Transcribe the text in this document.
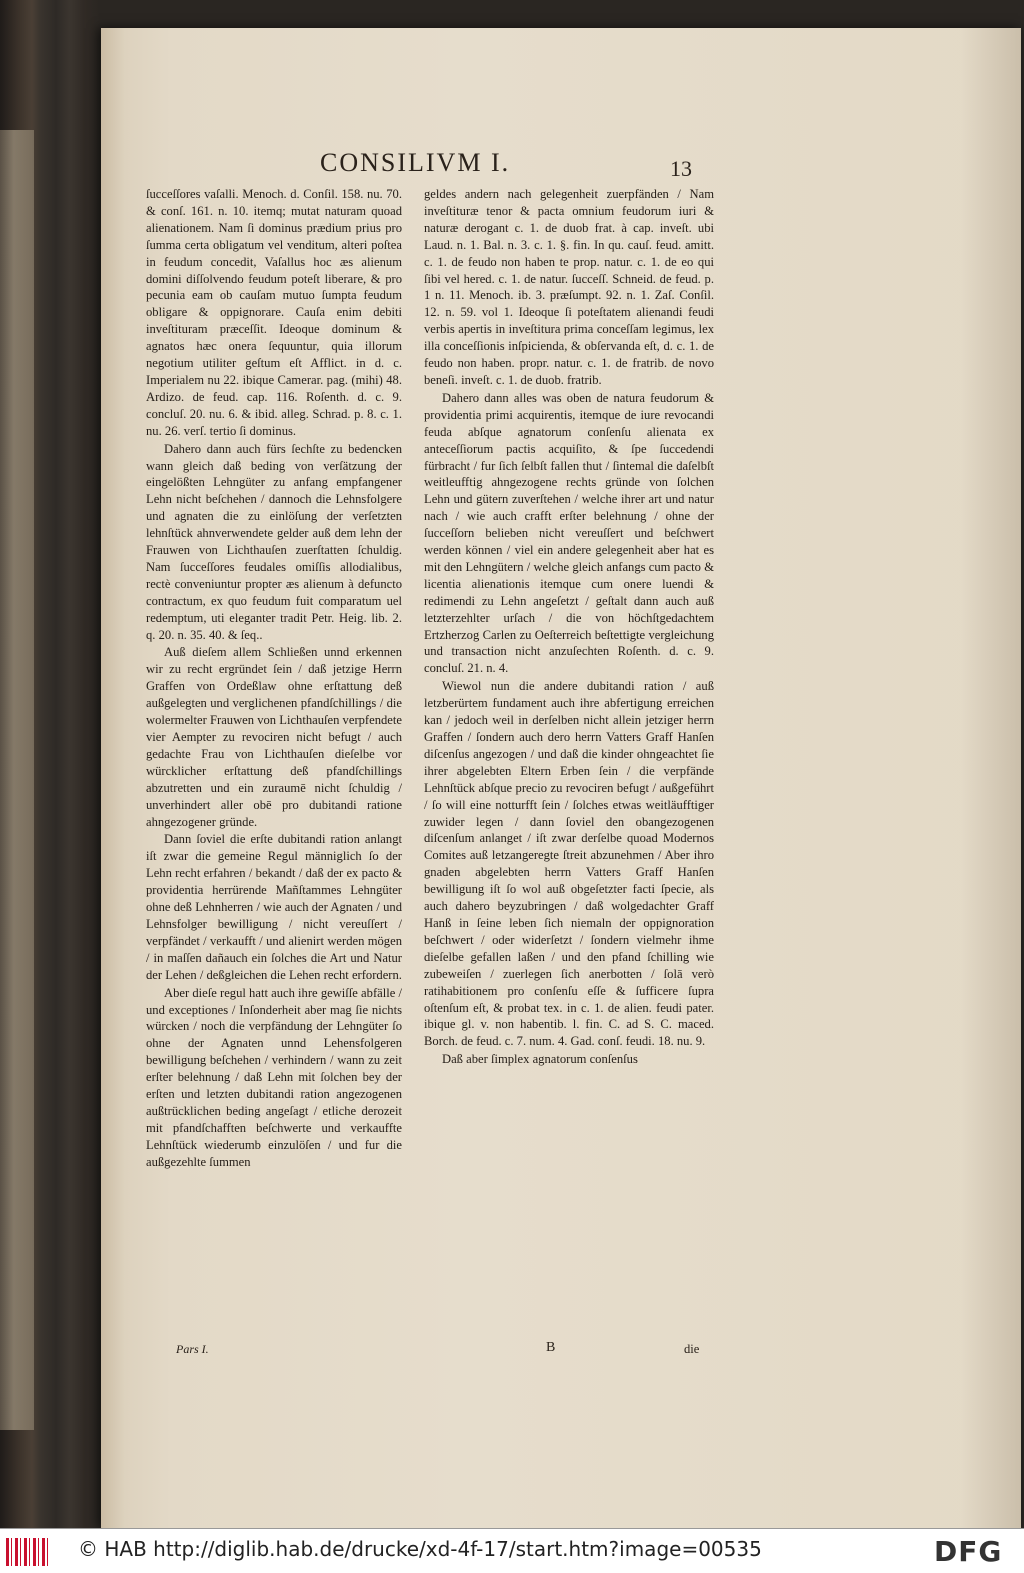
CONSILIVM I.	13

ſucceſſores vaſalli. Menoch. d. Conſil. 158. nu. 70. & conſ. 161. n. 10. itemq; mutat naturam quoad alienationem. Nam ſi dominus prædium prius pro ſumma certa obligatum vel venditum, alteri poſtea in feudum concedit, Vaſallus hoc æs alienum domini diſſolvendo feudum poteſt liberare, & pro pecunia eam ob cauſam mutuo ſumpta feudum obligare & oppignorare. Cauſa enim debiti inveſtituram præceſſit. Ideoque dominum & agnatos hæc onera ſequuntur, quia illorum negotium utiliter geſtum eſt Afflict. in d. c. Imperialem nu 22. ibique Camerar. pag. (mihi) 48. Ardizo. de feud. cap. 116. Roſenth. d. c. 9. concluſ. 20. nu. 6. & ibid. alleg. Schrad. p. 8. c. 1. nu. 26. verſ. tertio ſi dominus.

Dahero dann auch fürs ſechſte zu bedencken wann gleich daß beding von verſätzung der eingelößten Lehngüter zu anfang empfangener Lehn nicht beſchehen / dannoch die Lehnsfolgere und agnaten die zu einlöſung der verſetzten lehnſtück ahnverwendete gelder auß dem lehn der Frauwen von Lichthauſen zuerſtatten ſchuldig. Nam ſucceſſores feudales omiſſis allodialibus, rectè conveniuntur propter æs alienum à defuncto contractum, ex quo feudum fuit comparatum uel redemptum, uti eleganter tradit Petr. Heig. lib. 2. q. 20. n. 35. 40. & ſeq..

Auß dieſem allem Schließen unnd erkennen wir zu recht ergründet ſein / daß jetzige Herrn Graffen von Ordeßlaw ohne erſtattung deß außgelegten und verglichenen pfandſchillings / die wolermelter Frauwen von Lichthauſen verpfendete vier Aempter zu revociren nicht befugt / auch gedachte Frau von Lichthauſen dieſelbe vor würcklicher erſtattung deß pfandſchillings abzutretten und ein zuraumē nicht ſchuldig / unverhindert aller obē pro dubitandi ratione ahngezogener gründe.

Dann ſoviel die erſte dubitandi ration anlangt iſt zwar die gemeine Regul männiglich ſo der Lehn recht erfahren / bekandt / daß der ex pacto & providentia herrürende Mañſtammes Lehngüter ohne deß Lehnherren / wie auch der Agnaten / und Lehnsfolger bewilligung / nicht vereuſſert / verpfändet / verkaufft / und alienirt werden mögen / in maſſen dañauch ein ſolches die Art und Natur der Lehen / deßgleichen die Lehen recht erfordern.

Aber dieſe regul hatt auch ihre gewiſſe abfälle / und exceptiones / Inſonderheit aber mag ſie nichts würcken / noch die verpfändung der Lehngüter ſo ohne der Agnaten unnd Lehensfolgeren bewilligung beſchehen / verhindern / wann zu zeit erſter belehnung / daß Lehn mit ſolchen bey der erſten und letzten dubitandi ration angezogenen außtrücklichen beding angeſagt / etliche derozeit mit pfandſchafften beſchwerte und verkauffte Lehnſtück wiederumb einzulöſen / und fur die außgezehlte ſummen

geldes andern nach gelegenheit zuerpfänden / Nam inveſtituræ tenor & pacta omnium feudorum iuri & naturæ derogant c. 1. de duob frat. à cap. inveſt. ubi Laud. n. 1. Bal. n. 3. c. 1. §. fin. In qu. cauſ. feud. amitt. c. 1. de feudo non haben te prop. natur. c. 1. de eo qui ſibi vel hered. c. 1. de natur. ſucceſſ. Schneid. de feud. p. 1 n. 11. Menoch. ib. 3. præſumpt. 92. n. 1. Zaſ. Conſil. 12. n. 59. vol 1. Ideoque ſi poteſtatem alienandi feudi verbis apertis in inveſtitura prima conceſſam legimus, lex illa conceſſionis inſpicienda, & obſervanda eſt, d. c. 1. de feudo non haben. propr. natur. c. 1. de fratrib. de novo beneſi. inveſt. c. 1. de duob. fratrib.

Dahero dann alles was oben de natura feudorum & providentia primi acquirentis, itemque de iure revocandi feuda abſque agnatorum conſenſu alienata ex anteceſſiorum pactis acquiſito, & ſpe ſuccedendi fürbracht / fur ſich ſelbſt fallen thut / ſintemal die daſelbſt weitleufftig ahngezogene rechts gründe von ſolchen Lehn und gütern zuverſtehen / welche ihrer art und natur nach / wie auch crafft erſter belehnung / ohne der ſucceſſorn belieben nicht vereuſſert und beſchwert werden können / viel ein andere gelegenheit aber hat es mit den Lehngütern / welche gleich anfangs cum pacto & licentia alienationis itemque cum onere luendi & redimendi zu Lehn angeſetzt / geſtalt dann auch auß letzterzehlter urſach / die von höchſtgedachtem Ertzherzog Carlen zu Oeſterreich beſtettigte vergleichung und transaction nicht anzuſechten Roſenth. d. c. 9. concluſ. 21. n. 4.

Wiewol nun die andere dubitandi ration / auß letzberürtem fundament auch ihre abfertigung erreichen kan / jedoch weil in derſelben nicht allein jetziger herrn Graffen / ſondern auch dero herrn Vatters Graff Hanſen diſcenſus angezogen / und daß die kinder ohngeachtet ſie ihrer abgelebten Eltern Erben ſein / die verpfände Lehnſtück abſque precio zu revociren befugt / außgeführt / ſo will eine notturfft ſein / ſolches etwas weitläufftiger zuwider legen / dann ſoviel den obangezogenen diſcenſum anlanget / iſt zwar derſelbe quoad Modernos Comites auß letzangeregte ſtreit abzunehmen / Aber ihro gnaden abgelebten herrn Vatters Graff Hanſen bewilligung iſt ſo wol auß obgeſetzter facti ſpecie, als auch dahero beyzubringen / daß wolgedachter Graff Hanß in ſeine leben ſich niemaln der oppignoration beſchwert / oder widerſetzt / ſondern vielmehr ihme dieſelbe gefallen laßen / und den pfand ſchilling wie zubeweiſen / zuerlegen ſich anerbotten / ſolā verò ratihabitionem pro conſenſu eſſe & ſufficere ſupra oſtenſum eſt, & probat tex. in c. 1. de alien. feudi pater. ibique gl. v. non habentib. l. fin. C. ad S. C. maced. Borch. de feud. c. 7. num. 4. Gad. conſ. feudi. 18. nu. 9.

Daß aber ſimplex agnatorum conſenſus

Pars I.	B	die
© HAB http://diglib.hab.de/drucke/xd-4f-17/start.htm?image=00535	DFG
